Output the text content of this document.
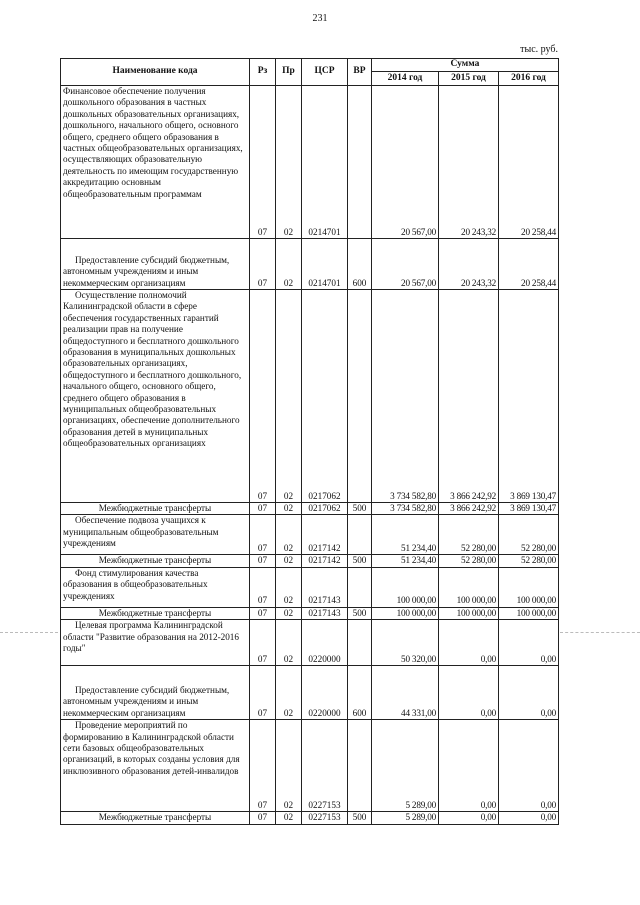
231
тыс. руб.
Наименование кода	Рз	Пр	ЦСР	ВР	Сумма		
					2014 год	2015 год	2016 год
Финансовое обеспечение получения дошкольного образования в частных дошкольных образовательных организациях, дошкольного, начального общего, основного общего, среднего общего образования в частных общеобразовательных организациях, осуществляющих образовательную деятельность по имеющим государственную аккредитацию основным общеобразовательным программам	07	02	0214701		20 567,00	20 243,32	20 258,44
Предоставление субсидий бюджетным, автономным учреждениям и иным некоммерческим организациям	07	02	0214701	600	20 567,00	20 243,32	20 258,44
Осуществление полномочий Калининградской области в сфере обеспечения государственных гарантий реализации прав на получение общедоступного и бесплатного дошкольного образования в муниципальных дошкольных образовательных организациях, общедоступного и бесплатного дошкольного, начального общего, основного общего, среднего общего образования в муниципальных общеобразовательных организациях, обеспечение дополнительного образования детей в муниципальных общеобразовательных организациях	07	02	0217062		3 734 582,80	3 866 242,92	3 869 130,47
Межбюджетные трансферты	07	02	0217062	500	3 734 582,80	3 866 242,92	3 869 130,47
Обеспечение подвоза учащихся к муниципальным общеобразовательным учреждениям	07	02	0217142		51 234,40	52 280,00	52 280,00
Межбюджетные трансферты	07	02	0217142	500	51 234,40	52 280,00	52 280,00
Фонд стимулирования качества образования в общеобразовательных учреждениях	07	02	0217143		100 000,00	100 000,00	100 000,00
Межбюджетные трансферты	07	02	0217143	500	100 000,00	100 000,00	100 000,00
Целевая программа Калининградской области "Развитие образования на 2012-2016 годы"	07	02	0220000		50 320,00	0,00	0,00
Предоставление субсидий бюджетным, автономным учреждениям и иным некоммерческим организациям	07	02	0220000	600	44 331,00	0,00	0,00
Проведение мероприятий по формированию в Калининградской области сети базовых общеобразовательных организаций, в которых созданы условия для инклюзивного образования детей-инвалидов	07	02	0227153		5 289,00	0,00	0,00
Межбюджетные трансферты	07	02	0227153	500	5 289,00	0,00	0,00
